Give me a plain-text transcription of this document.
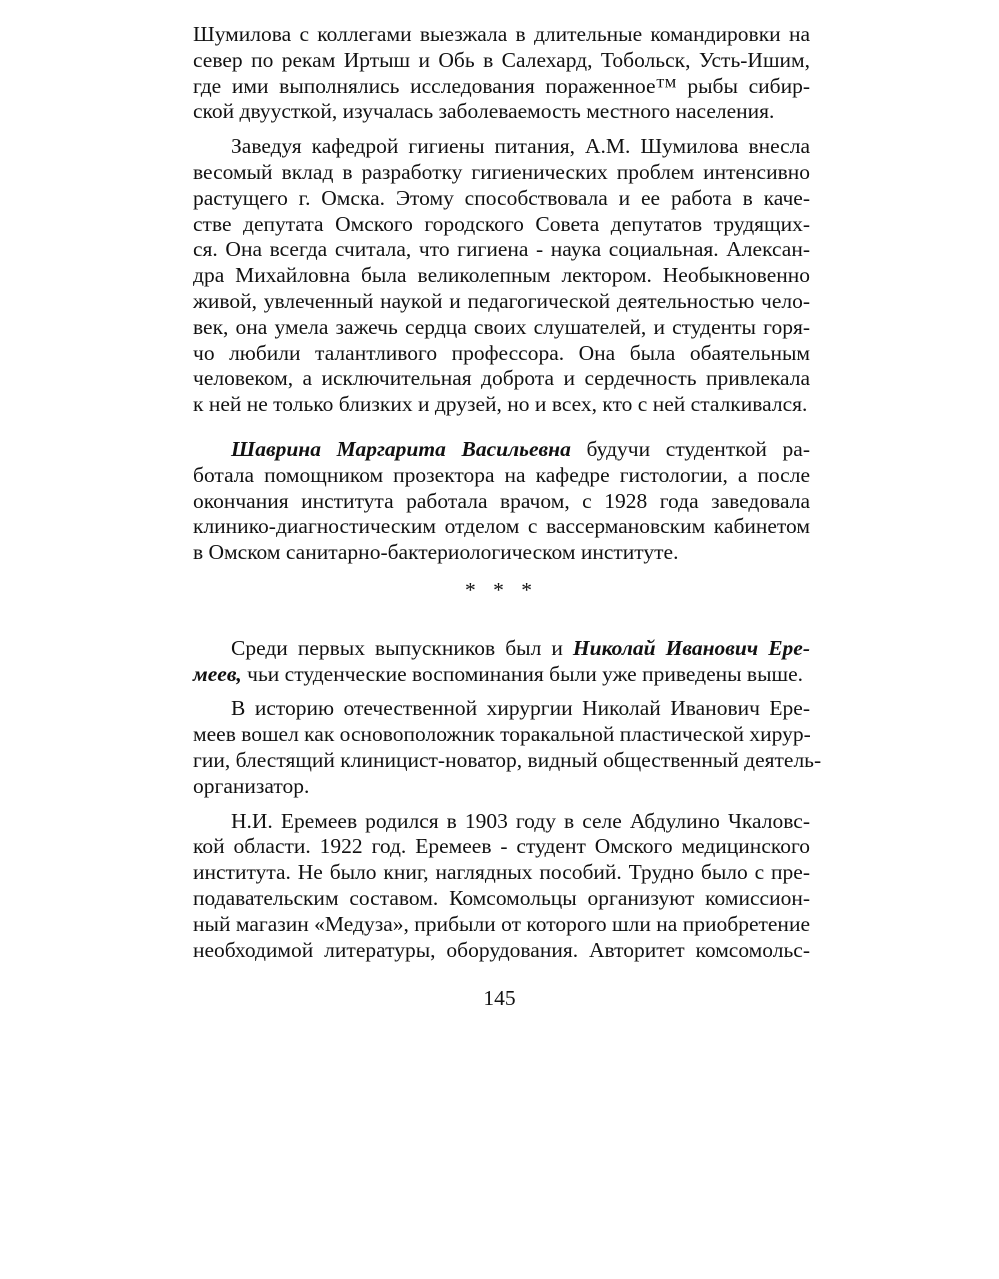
Шумилова с коллегами выезжала в длительные командировки на
север по рекам Иртыш и Обь в Салехард, Тобольск, Усть-Ишим,
где ими выполнялись исследования пораженное™ рыбы сибир-
ской двуусткой, изучалась заболеваемость местного населения.
Заведуя кафедрой гигиены питания, А.М. Шумилова внесла
весомый вклад в разработку гигиенических проблем интенсивно
растущего г. Омска. Этому способствовала и ее работа в каче-
стве депутата Омского городского Совета депутатов трудящих-
ся. Она всегда считала, что гигиена - наука социальная. Алексан-
дра Михайловна была великолепным лектором. Необыкновенно
живой, увлеченный наукой и педагогической деятельностью чело-
век, она умела зажечь сердца своих слушателей, и студенты горя-
чо любили талантливого профессора. Она была обаятельным
человеком, а исключительная доброта и сердечность привлекала
к ней не только близких и друзей, но и всех, кто с ней сталкивался.
Шаврина Маргарита Васильевна будучи студенткой ра-
ботала помощником прозектора на кафедре гистологии, а после
окончания института работала врачом, с 1928 года заведовала
клинико-диагностическим отделом с вассермановским кабинетом
в Омском санитарно-бактериологическом институте.
* * *
Среди первых выпускников был и Николай Иванович Ере-
меев, чьи студенческие воспоминания были уже приведены выше.
В историю отечественной хирургии Николай Иванович Ере-
меев вошел как основоположник торакальной пластической хирур-
гии, блестящий клиницист-новатор, видный общественный деятель-
организатор.
Н.И. Еремеев родился в 1903 году в селе Абдулино Чкаловс-
кой области. 1922 год. Еремеев - студент Омского медицинского
института. Не было книг, наглядных пособий. Трудно было с пре-
подавательским составом. Комсомольцы организуют комиссион-
ный магазин «Медуза», прибыли от которого шли на приобретение
необходимой литературы, оборудования. Авторитет комсомольс-
145
